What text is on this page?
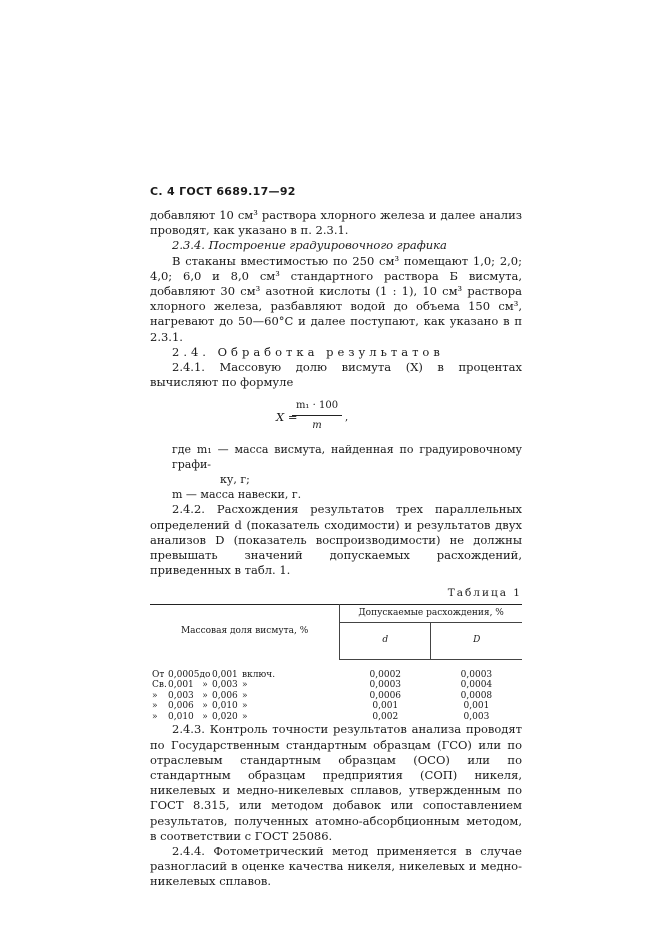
С. 4 ГОСТ 6689.17—92

добавляют 10 см³ раствора хлорного железа и далее анализ проводят, как указано в п. 2.3.1.

2.3.4. Построение градуировочного графика

В стаканы вместимостью по 250 см³ помещают 1,0; 2,0; 4,0; 6,0 и 8,0 см³ стандартного раствора Б висмута, добавляют 30 см³ азотной кислоты (1 : 1), 10 см³ раствора хлорного железа, разбавляют водой до объема 150 см³, нагревают до 50—60°С и далее поступают, как указано в п 2.3.1.

2.4. Обработка результатов

2.4.1. Массовую долю висмута (X) в процентах вычисляют по формуле

X =
$\frac{\text{m₁ · 100}}{m}$ ,
где m₁ — масса висмута, найденная по градуировочному графи-
ку, г;
m — масса навески, г.

2.4.2. Расхождения результатов трех параллельных определений d (показатель сходимости) и результатов двух анализов D (показатель воспроизводимости) не должны превышать значений допускаемых расхождений, приведенных в табл. 1.

Таблица 1
Массовая доля висмута, %	Допускаемые расхождения, %	
	d	D
От 0,0005до 0,001 включ.	0,0002	0,0003
Св.0,001 » 0,003 »	0,0003	0,0004
» 0,003 » 0,006 »	0,0006	0,0008
» 0,006 » 0,010 »	0,001	0,001
» 0,010 » 0,020 »	0,002	0,003

2.4.3. Контроль точности результатов анализа проводят по Государственным стандартным образцам (ГСО) или по отраслевым стандартным образцам (ОСО) или по стандартным образцам предприятия (СОП) никеля, никелевых и медно-никелевых сплавов, утвержденным по ГОСТ 8.315, или методом добавок или сопоставлением результатов, полученных атомно-абсорбционным методом, в соответствии с ГОСТ 25086.

2.4.4. Фотометрический метод применяется в случае разногласий в оценке качества никеля, никелевых и медно-никелевых сплавов.
